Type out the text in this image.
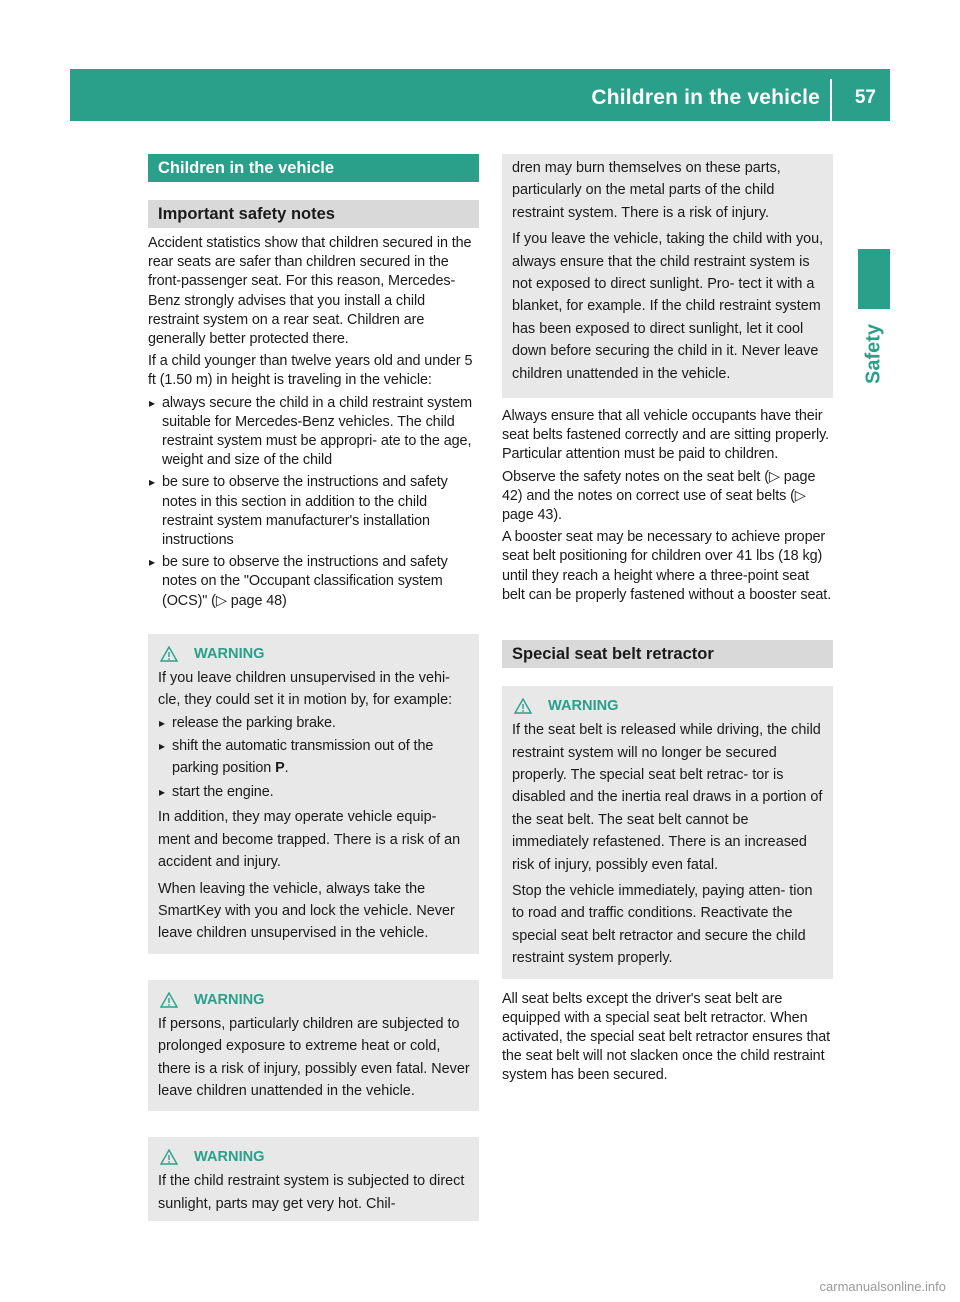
Children in the vehicle 57
Safety
Children in the vehicle
Important safety notes

Accident statistics show that children secured in the rear seats are safer than children secured in the front-passenger seat. For this reason, Mercedes-Benz strongly advises that you install a child restraint system on a rear seat. Children are generally better protected there.

If a child younger than twelve years old and under 5 ft (1.50 m) in height is traveling in the vehicle:

▸ always secure the child in a child restraint system suitable for Mercedes-Benz vehicles. The child restraint system must be appropri- ate to the age, weight and size of the child
▸ be sure to observe the instructions and safety notes in this section in addition to the child restraint system manufacturer's installation instructions
▸ be sure to observe the instructions and safety notes on the "Occupant classification system (OCS)" (▷ page 48)
WARNING

If you leave children unsupervised in the vehi- cle, they could set it in motion by, for example:

▸ release the parking brake.
▸ shift the automatic transmission out of the parking position P.
▸ start the engine.

In addition, they may operate vehicle equip- ment and become trapped. There is a risk of an accident and injury.

When leaving the vehicle, always take the SmartKey with you and lock the vehicle. Never leave children unsupervised in the vehicle.

WARNING

If persons, particularly children are subjected to prolonged exposure to extreme heat or cold, there is a risk of injury, possibly even fatal. Never leave children unattended in the vehicle.

WARNING

If the child restraint system is subjected to direct sunlight, parts may get very hot. Chil-

dren may burn themselves on these parts, particularly on the metal parts of the child restraint system. There is a risk of injury.

If you leave the vehicle, taking the child with you, always ensure that the child restraint system is not exposed to direct sunlight. Pro- tect it with a blanket, for example. If the child restraint system has been exposed to direct sunlight, let it cool down before securing the child in it. Never leave children unattended in the vehicle.

Always ensure that all vehicle occupants have their seat belts fastened correctly and are sitting properly. Particular attention must be paid to children.

Observe the safety notes on the seat belt (▷ page 42) and the notes on correct use of seat belts (▷ page 43).

A booster seat may be necessary to achieve proper seat belt positioning for children over 41 lbs (18 kg) until they reach a height where a three-point seat belt can be properly fastened without a booster seat.

Special seat belt retractor
WARNING

If the seat belt is released while driving, the child restraint system will no longer be secured properly. The special seat belt retrac- tor is disabled and the inertia real draws in a portion of the seat belt. The seat belt cannot be immediately refastened. There is an increased risk of injury, possibly even fatal.

Stop the vehicle immediately, paying atten- tion to road and traffic conditions. Reactivate the special seat belt retractor and secure the child restraint system properly.

All seat belts except the driver's seat belt are equipped with a special seat belt retractor. When activated, the special seat belt retractor ensures that the seat belt will not slacken once the child restraint system has been secured.

carmanualsonline.info
